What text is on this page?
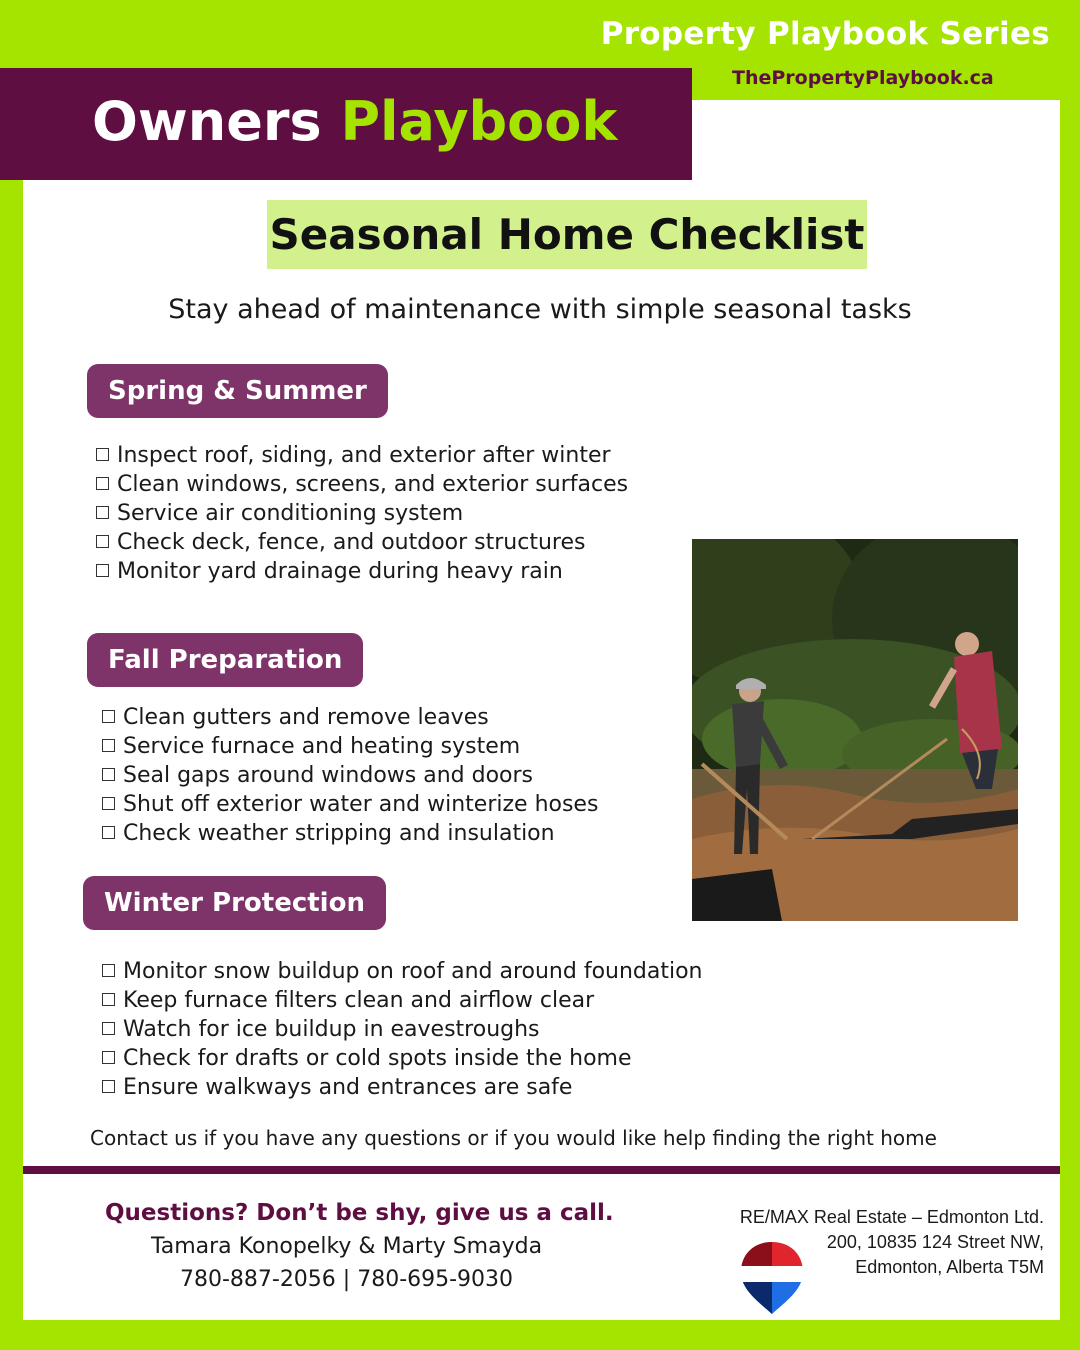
Property Playbook Series
ThePropertyPlaybook.ca
Owners Playbook
Seasonal Home Checklist
Stay ahead of maintenance with simple seasonal tasks
Spring & Summer
Inspect roof, siding, and exterior after winter
Clean windows, screens, and exterior surfaces
Service air conditioning system
Check deck, fence, and outdoor structures
Monitor yard drainage during heavy rain
Fall Preparation
Clean gutters and remove leaves
Service furnace and heating system
Seal gaps around windows and doors
Shut off exterior water and winterize hoses
Check weather stripping and insulation
Winter Protection
Monitor snow buildup on roof and around foundation
Keep furnace filters clean and airflow clear
Watch for ice buildup in eavestroughs
Check for drafts or cold spots inside the home
Ensure walkways and entrances are safe
Contact us if you have any questions or if you would like help finding the right home
Questions? Don’t be shy, give us a call.
Tamara Konopelky & Marty Smayda
780-887-2056 | 780-695-9030
RE/MAX Real Estate – Edmonton Ltd.
200, 10835 124 Street NW,
Edmonton, Alberta T5M
